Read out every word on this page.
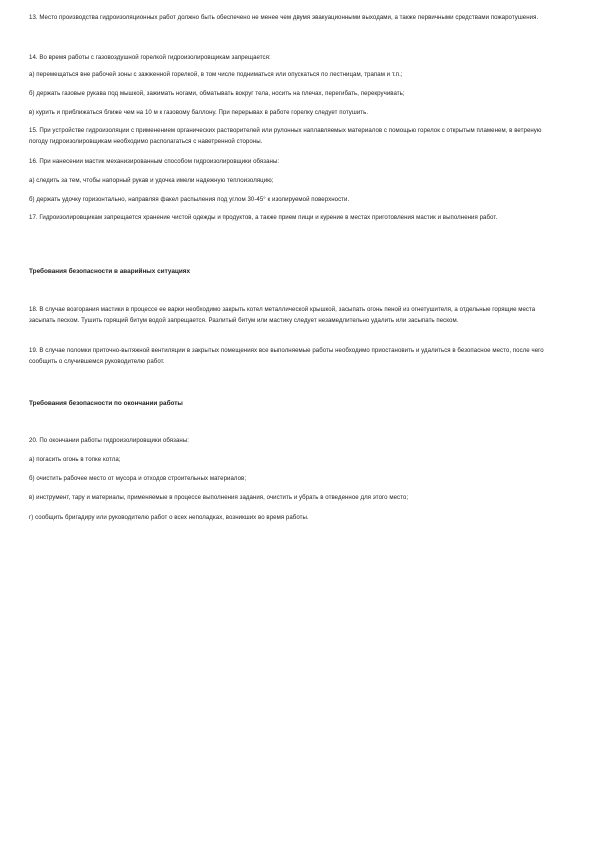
13. Место производства гидроизоляционных работ должно быть обеспечено не менее чем двумя эвакуационными выходами, а также первичными средствами пожаротушения.

14. Во время работы с газовоздушной горелкой гидроизолировщикам запрещается:

а) перемещаться вне рабочей зоны с зажженной горелкой, в том числе подниматься или опускаться по лестницам, трапам и т.п.;

б) держать газовые рукава под мышкой, зажимать ногами, обматывать вокруг тела, носить на плечах, перегибать, перекручивать;

в) курить и приближаться ближе чем на 10 м к газовому баллону. При перерывах в работе горелку следует потушить.

15. При устройстве гидроизоляции с применением органических растворителей или рулонных наплавляемых материалов с помощью горелок с открытым пламенем, в ветреную погоду гидроизолировщикам необходимо располагаться с наветренной стороны.

16. При нанесении мастик механизированным способом гидроизолировщики обязаны:

а) следить за тем, чтобы напорный рукав и удочка имели надежную теплоизоляцию;

б) держать удочку горизонтально, направляя факел распыления под углом 30-45° к изолируемой поверхности.

17. Гидроизолировщикам запрещается хранение чистой одежды и продуктов, а также прием пищи и курение в местах приготовления мастик и выполнения работ.

Требования безопасности в аварийных ситуациях

18. В случае возгорания мастики в процессе ее варки необходимо закрыть котел металлической крышкой, засыпать огонь пеной из огнетушителя, а отдельные горящие места засыпать песком. Тушить горящий битум водой запрещается. Разлитый битум или мастику следует незамедлительно удалить или засыпать песком.

19. В случае поломки приточно-вытяжной вентиляции в закрытых помещениях все выполняемые работы необходимо приостановить и удалиться в безопасное место, после чего сообщить о случившемся руководителю работ.

Требования безопасности по окончании работы

20. По окончании работы гидроизолировщики обязаны:

а) погасить огонь в топке котла;

б) очистить рабочее место от мусора и отходов строительных материалов;

в) инструмент, тару и материалы, применяемые в процессе выполнения задания, очистить и убрать в отведенное для этого место;

г) сообщить бригадиру или руководителю работ о всех неполадках, возникших во время работы.
